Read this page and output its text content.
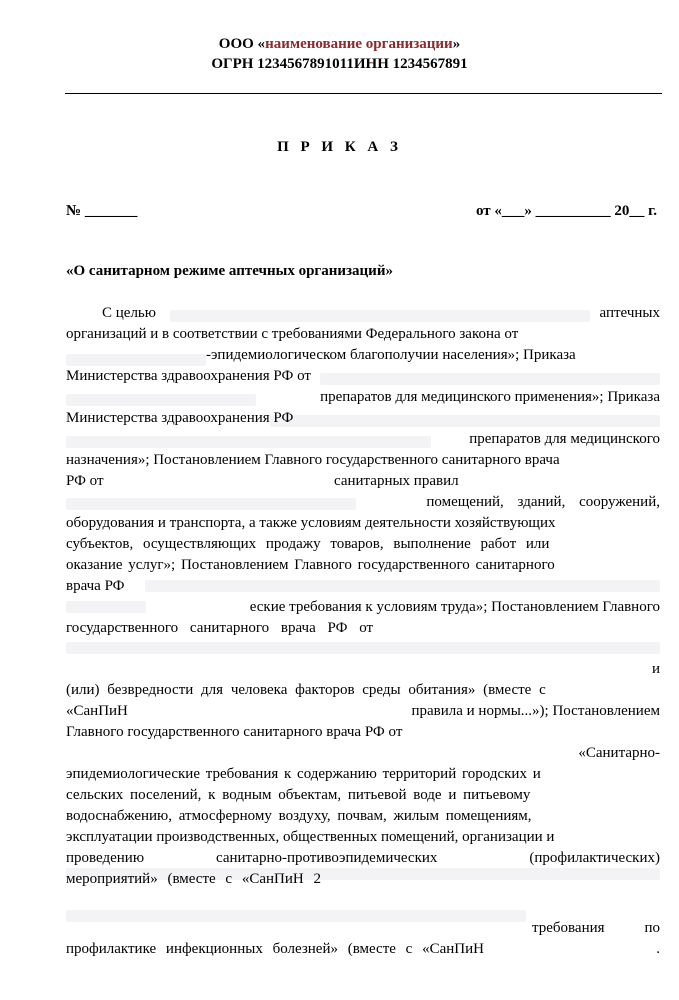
ООО «наименование организации»
ОГРН 1234567891011ИНН 1234567891
П Р И К А З
№ _______	от «___» __________ 20__ г.
«О санитарном режиме аптечных организаций»
С целью	аптечных
организаций и в соответствии с требованиями Федерального закона от
-эпидемиологическом благополучии населения»; Приказа
Министерства здравоохранения РФ от
препаратов для медицинского применения»; Приказа
Министерства здравоохранения РФ
препаратов для медицинского
назначения»; Постановлением Главного государственного санитарного врача
РФ от	санитарных правил
помещений, зданий, сооружений,
оборудования и транспорта, а также условиям деятельности хозяйствующих
субъектов, осуществляющих продажу товаров, выполнение работ или
оказание услуг»; Постановлением Главного государственного санитарного
врача РФ
еские требования к условиям труда»; Постановлением Главного
государственного санитарного врача РФ от
и
(или) безвредности для человека факторов среды обитания» (вместе с
«СанПиН	правила и нормы...»); Постановлением
Главного государственного санитарного врача РФ от
«Санитарно-
эпидемиологические требования к содержанию территорий городских и
сельских поселений, к водным объектам, питьевой воде и питьевому
водоснабжению, атмосферному воздуху, почвам, жилым помещениям,
эксплуатации производственных, общественных помещений, организации и
проведению	санитарно-противоэпидемических	(профилактических)
мероприятий» (вместе с «СанПиН 2
требования	по
профилактике инфекционных болезней» (вместе с «СанПиН	.
